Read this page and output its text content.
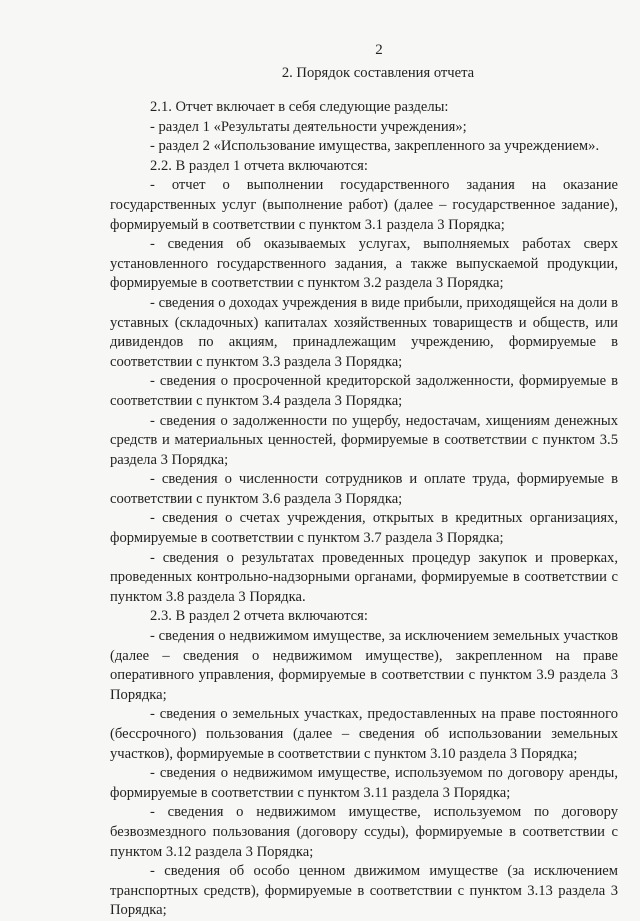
2
2. Порядок составления отчета

2.1. Отчет включает в себя следующие разделы:

- раздел 1 «Результаты деятельности учреждения»;

- раздел 2 «Использование имущества, закрепленного за учреждением».

2.2. В раздел 1 отчета включаются:

- отчет о выполнении государственного задания на оказание государственных услуг (выполнение работ) (далее – государственное задание), формируемый в соответствии с пунктом 3.1 раздела 3 Порядка;

- сведения об оказываемых услугах, выполняемых работах сверх установленного государственного задания, а также выпускаемой продукции, формируемые в соответствии с пунктом 3.2 раздела 3 Порядка;

- сведения о доходах учреждения в виде прибыли, приходящейся на доли в уставных (складочных) капиталах хозяйственных товариществ и обществ, или дивидендов по акциям, принадлежащим учреждению, формируемые в соответствии с пунктом 3.3 раздела 3 Порядка;

- сведения о просроченной кредиторской задолженности, формируемые в соответствии с пунктом 3.4 раздела 3 Порядка;

- сведения о задолженности по ущербу, недостачам, хищениям денежных средств и материальных ценностей, формируемые в соответствии с пунктом 3.5 раздела 3 Порядка;

- сведения о численности сотрудников и оплате труда, формируемые в соответствии с пунктом 3.6 раздела 3 Порядка;

- сведения о счетах учреждения, открытых в кредитных организациях, формируемые в соответствии с пунктом 3.7 раздела 3 Порядка;

- сведения о результатах проведенных процедур закупок и проверках, проведенных контрольно-надзорными органами, формируемые в соответствии с пунктом 3.8 раздела 3 Порядка.

2.3. В раздел 2 отчета включаются:

- сведения о недвижимом имуществе, за исключением земельных участков (далее – сведения о недвижимом имуществе), закрепленном на праве оперативного управления, формируемые в соответствии с пунктом 3.9 раздела 3 Порядка;

- сведения о земельных участках, предоставленных на праве постоянного (бессрочного) пользования (далее – сведения об использовании земельных участков), формируемые в соответствии с пунктом 3.10 раздела 3 Порядка;

- сведения о недвижимом имуществе, используемом по договору аренды, формируемые в соответствии с пунктом 3.11 раздела 3 Порядка;

- сведения о недвижимом имуществе, используемом по договору безвозмездного пользования (договору ссуды), формируемые в соответствии с пунктом 3.12 раздела 3 Порядка;

- сведения об особо ценном движимом имуществе (за исключением транспортных средств), формируемые в соответствии с пунктом 3.13 раздела 3 Порядка;
